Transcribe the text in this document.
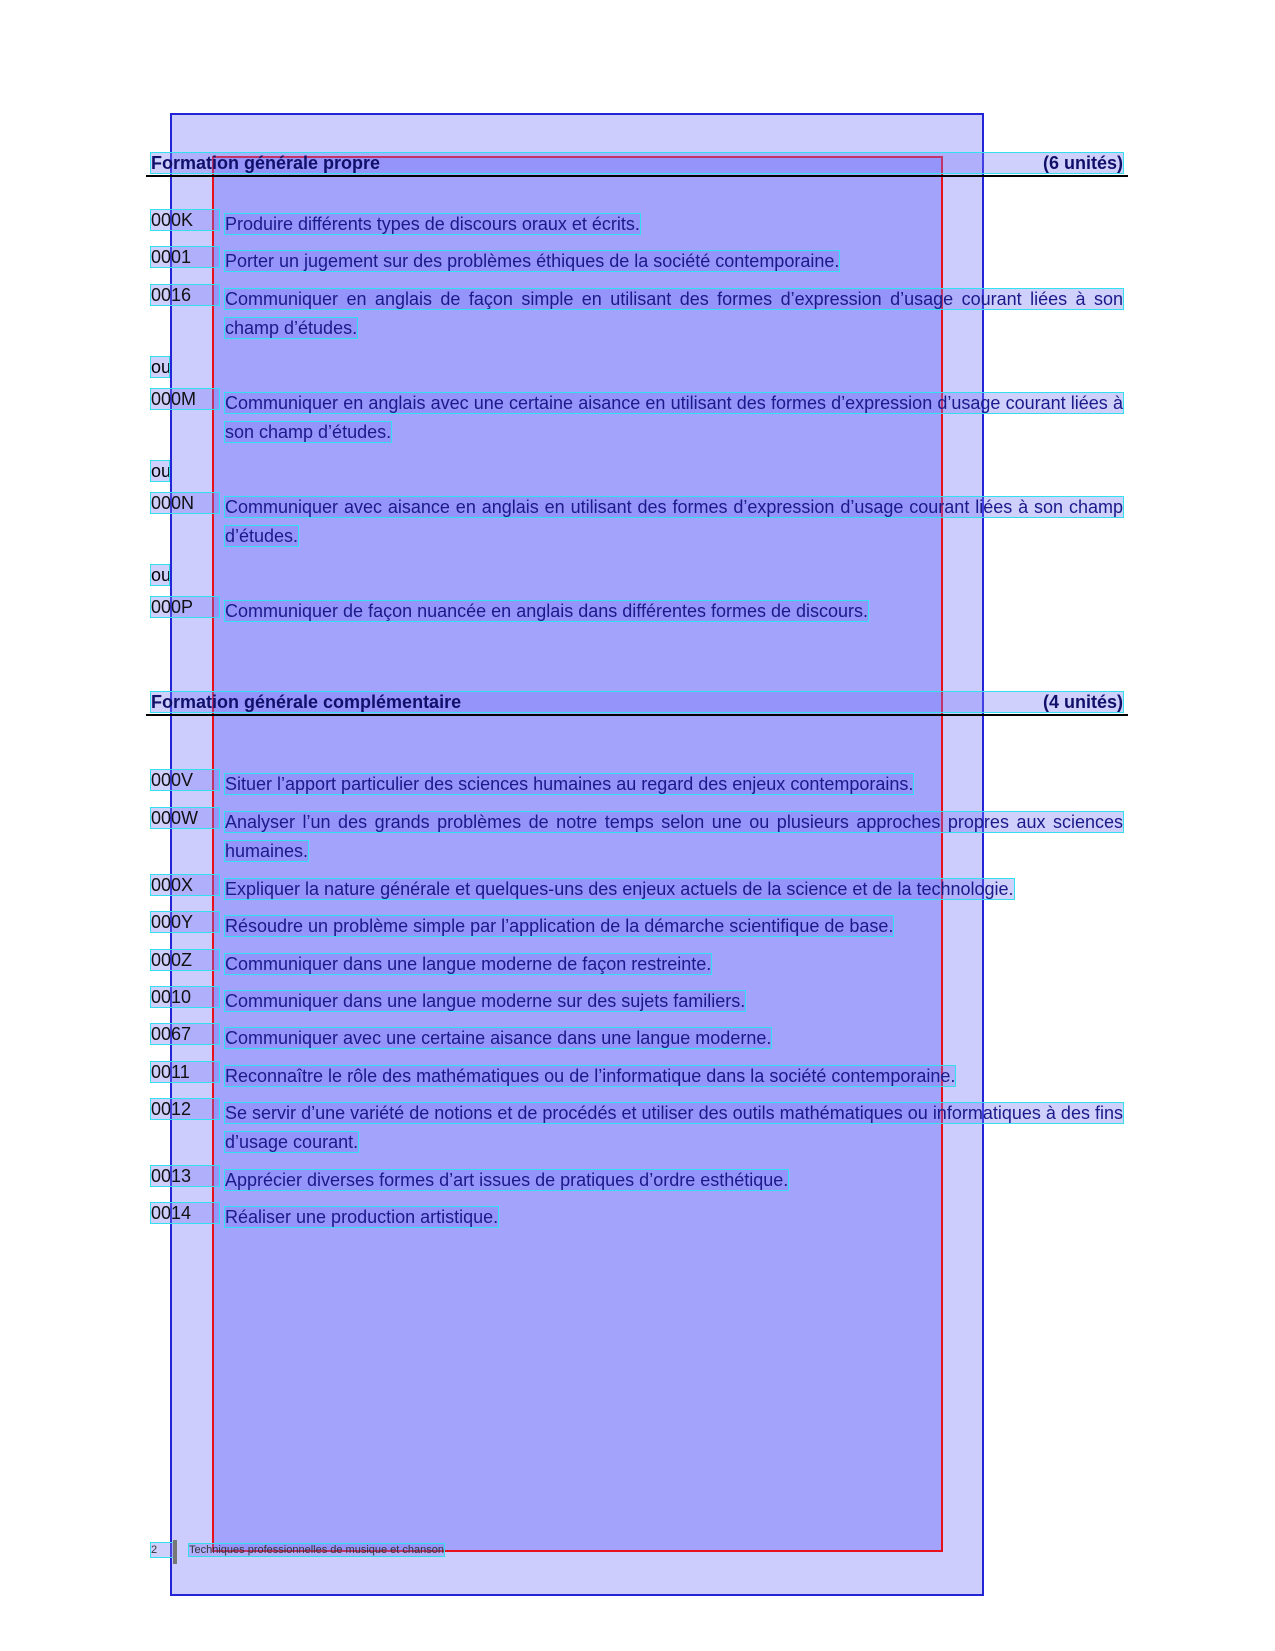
Formation générale propre	(6 unités)
000K	Produire différents types de discours oraux et écrits.
0001	Porter un jugement sur des problèmes éthiques de la société contemporaine.
0016	Communiquer en anglais de façon simple en utilisant des formes d’expression d’usage courant liées à son champ d’études.
ou
000M	Communiquer en anglais avec une certaine aisance en utilisant des formes d’expression d’usage courant liées à son champ d’études.
ou
000N	Communiquer avec aisance en anglais en utilisant des formes d’expression d’usage courant liées à son champ d’études.
ou
000P	Communiquer de façon nuancée en anglais dans différentes formes de discours.
Formation générale complémentaire	(4 unités)
000V	Situer l’apport particulier des sciences humaines au regard des enjeux contemporains.
000W	Analyser l’un des grands problèmes de notre temps selon une ou plusieurs approches propres aux sciences humaines.
000X	Expliquer la nature générale et quelques-uns des enjeux actuels de la science et de la technologie.
000Y	Résoudre un problème simple par l’application de la démarche scientifique de base.
000Z	Communiquer dans une langue moderne de façon restreinte.
0010	Communiquer dans une langue moderne sur des sujets familiers.
0067	Communiquer avec une certaine aisance dans une langue moderne.
0011	Reconnaître le rôle des mathématiques ou de l’informatique dans la société contemporaine.
0012	Se servir d’une variété de notions et de procédés et utiliser des outils mathématiques ou informatiques à des fins d’usage courant.
0013	Apprécier diverses formes d’art issues de pratiques d’ordre esthétique.
0014	Réaliser une production artistique.
2	Techniques professionnelles de musique et chanson
